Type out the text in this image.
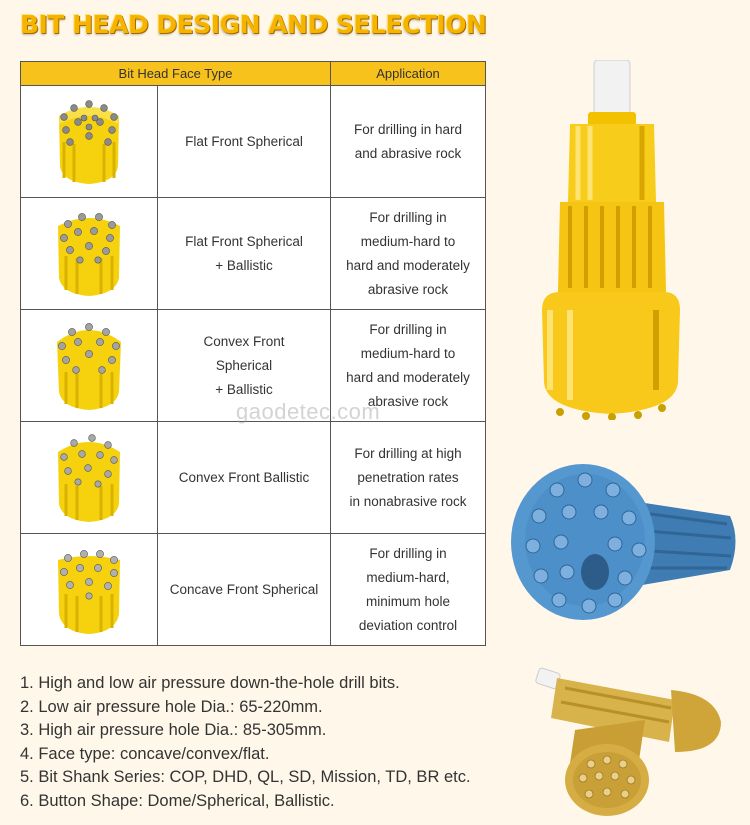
BIT HEAD DESIGN AND SELECTION
Bit Head Face Type		Application

	Flat Front Spherical	For drilling in hard
and abrasive rock

	Flat Front Spherical
+ Ballistic	For drilling in
medium-hard to
hard and moderately
abrasive rock

	Convex Front
Spherical
+ Ballistic	For drilling in
medium-hard to
hard and moderately
abrasive rock

	Convex Front Ballistic	For drilling at high
penetration rates
in nonabrasive rock

	Concave Front Spherical	For drilling in
medium-hard,
minimum hole
deviation control
gaodetec.com
1. High and low air pressure down-the-hole drill bits.
2. Low air pressure hole Dia.: 65-220mm.
3. High air pressure hole Dia.: 85-305mm.
4. Face type: concave/convex/flat.
5. Bit Shank Series: COP, DHD, QL, SD, Mission, TD, BR etc.
6. Button Shape: Dome/Spherical, Ballistic.
